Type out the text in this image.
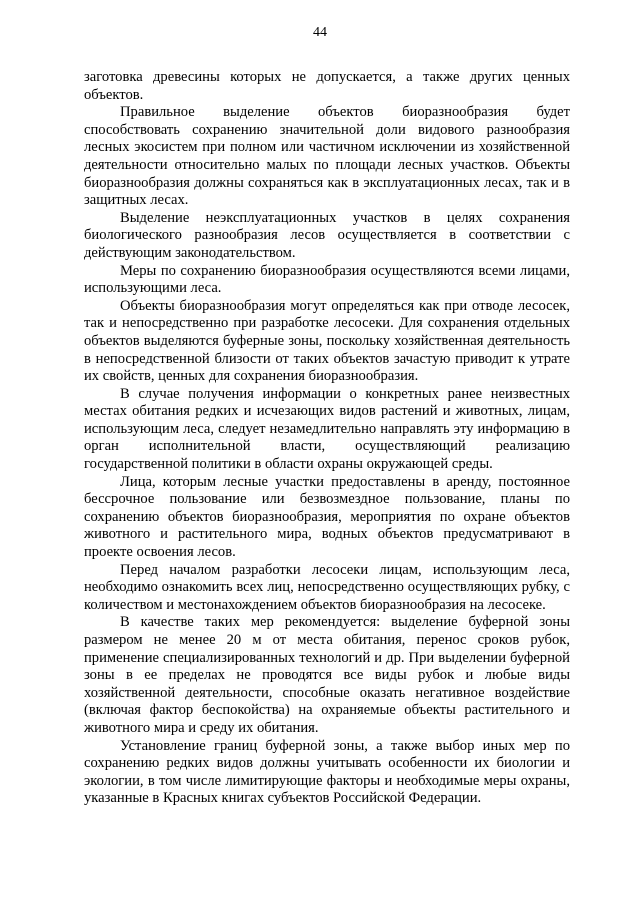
44

заготовка древесины которых не допускается, а также других ценных объектов.

Правильное выделение объектов биоразнообразия будет способствовать сохранению значительной доли видового разнообразия лесных экосистем при полном или частичном исключении из хозяйственной деятельности относительно малых по площади лесных участков. Объекты биоразнообразия должны сохраняться как в эксплуатационных лесах, так и в защитных лесах.

Выделение неэксплуатационных участков в целях сохранения биологического разнообразия лесов осуществляется в соответствии с действующим законодательством.

Меры по сохранению биоразнообразия осуществляются всеми лицами, использующими леса.

Объекты биоразнообразия могут определяться как при отводе лесосек, так и непосредственно при разработке лесосеки. Для сохранения отдельных объектов выделяются буферные зоны, поскольку хозяйственная деятельность в непосредственной близости от таких объектов зачастую приводит к утрате их свойств, ценных для сохранения биоразнообразия.

В случае получения информации о конкретных ранее неизвестных местах обитания редких и исчезающих видов растений и животных, лицам, использующим леса, следует незамедлительно направлять эту информацию в орган исполнительной власти, осуществляющий реализацию государственной политики в области охраны окружающей среды.

Лица, которым лесные участки предоставлены в аренду, постоянное бессрочное пользование или безвозмездное пользование, планы по сохранению объектов биоразнообразия, мероприятия по охране объектов животного и растительного мира, водных объектов предусматривают в проекте освоения лесов.

Перед началом разработки лесосеки лицам, использующим леса, необходимо ознакомить всех лиц, непосредственно осуществляющих рубку, с количеством и местонахождением объектов биоразнообразия на лесосеке.

В качестве таких мер рекомендуется: выделение буферной зоны размером не менее 20 м от места обитания, перенос сроков рубок, применение специализированных технологий и др. При выделении буферной зоны в ее пределах не проводятся все виды рубок и любые виды хозяйственной деятельности, способные оказать негативное воздействие (включая фактор беспокойства) на охраняемые объекты растительного и животного мира и среду их обитания.

Установление границ буферной зоны, а также выбор иных мер по сохранению редких видов должны учитывать особенности их биологии и экологии, в том числе лимитирующие факторы и необходимые меры охраны, указанные в Красных книгах субъектов Российской Федерации.
